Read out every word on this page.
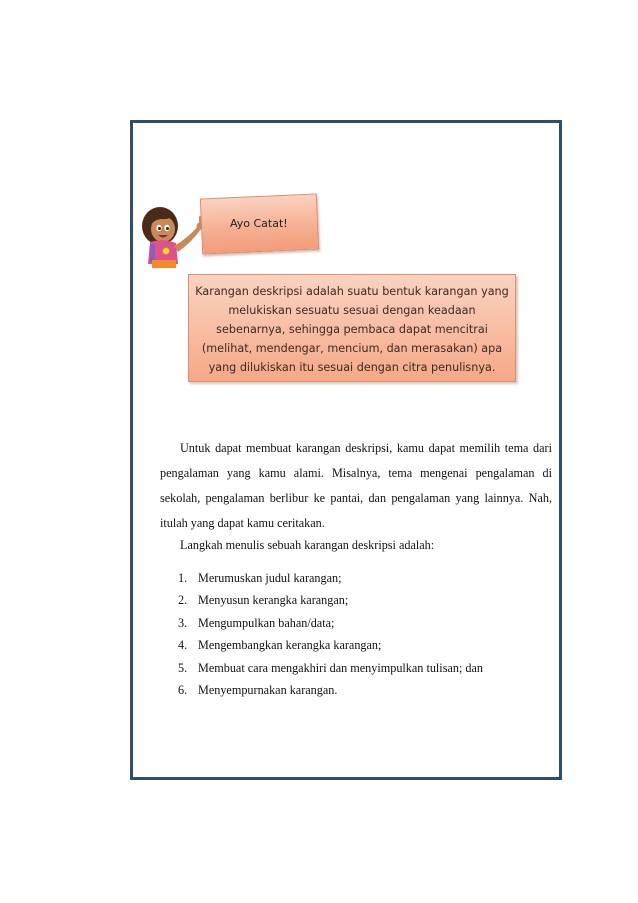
Ayo Catat!
Karangan deskripsi adalah suatu bentuk karangan yang melukiskan sesuatu sesuai dengan keadaan sebenarnya, sehingga pembaca dapat mencitrai (melihat, mendengar, mencium, dan merasakan) apa yang dilukiskan itu sesuai dengan citra penulisnya.

Untuk dapat membuat karangan deskripsi, kamu dapat memilih tema dari pengalaman yang kamu alami. Misalnya, tema mengenai pengalaman di sekolah, pengalaman berlibur ke pantai, dan pengalaman yang lainnya. Nah, itulah yang dapat kamu ceritakan.

Langkah menulis sebuah karangan deskripsi adalah:

1. Merumuskan judul karangan;
2. Menyusun kerangka karangan;
3. Mengumpulkan bahan/data;
4. Mengembangkan kerangka karangan;
5. Membuat cara mengakhiri dan menyimpulkan tulisan; dan
6. Menyempurnakan karangan.
